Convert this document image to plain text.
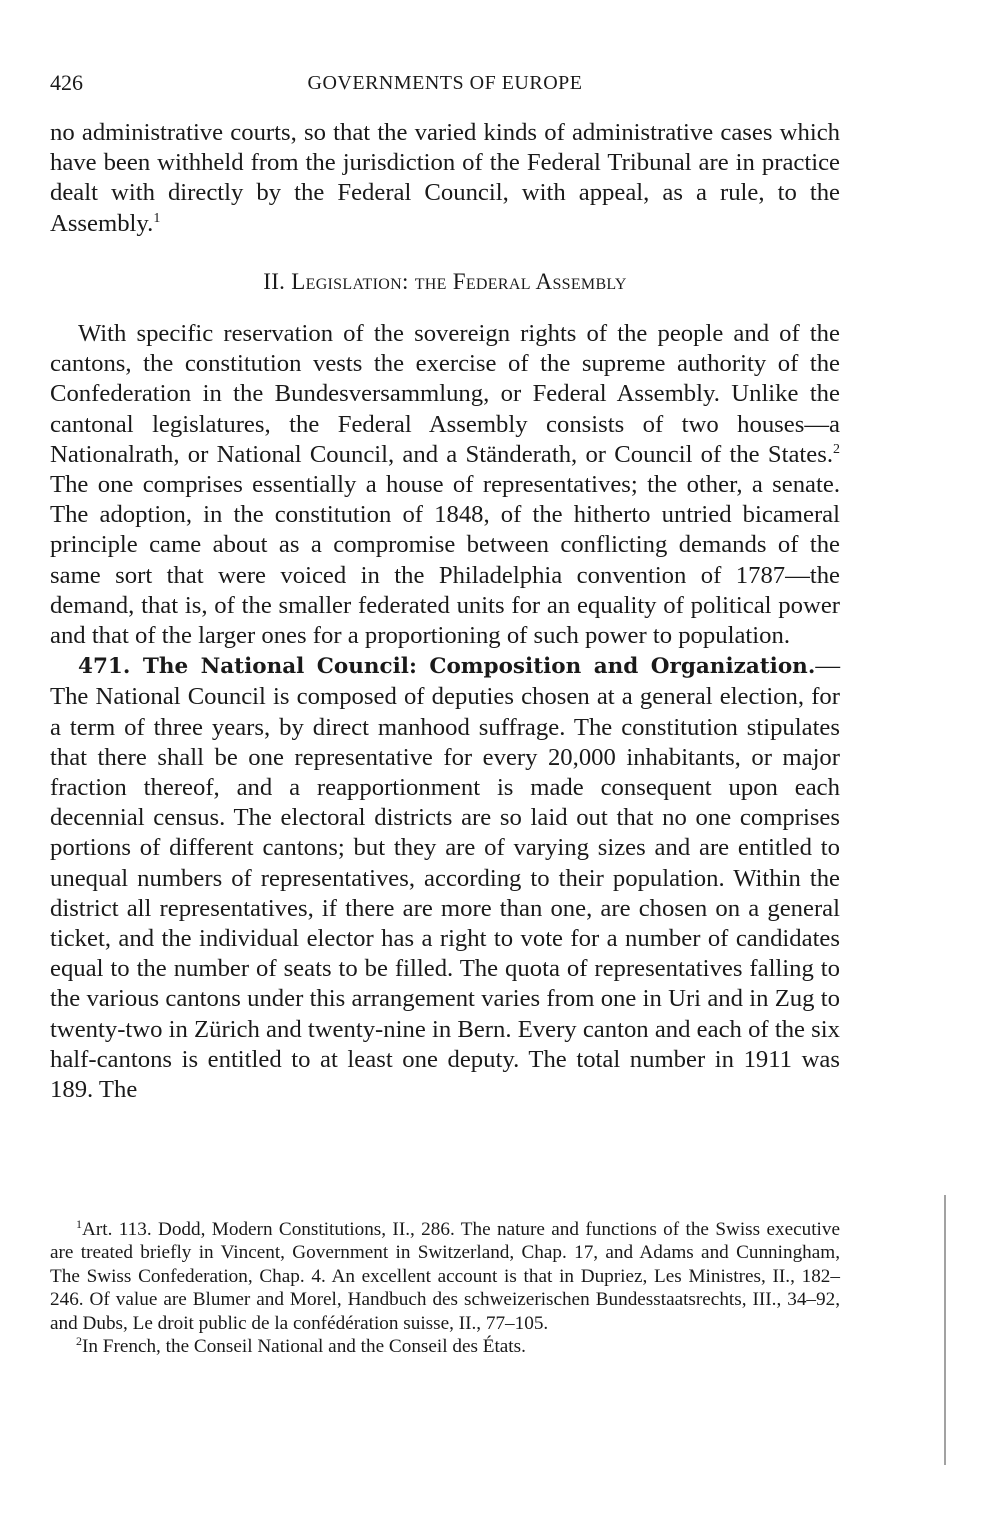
426	GOVERNMENTS OF EUROPE

no administrative courts, so that the varied kinds of administrative cases which have been withheld from the jurisdiction of the Federal Tribunal are in practice dealt with directly by the Federal Council, with appeal, as a rule, to the Assembly.$^1$

II. Legislation: the Federal Assembly

With specific reservation of the sovereign rights of the people and of the cantons, the constitution vests the exercise of the supreme authority of the Confederation in the Bundesversammlung, or Federal Assembly. Unlike the cantonal legislatures, the Federal Assembly consists of two houses—a Nationalrath, or National Council, and a Ständerath, or Council of the States.$^2$ The one comprises essentially a house of representatives; the other, a senate. The adoption, in the constitution of 1848, of the hitherto untried bicameral principle came about as a compromise between conflicting demands of the same sort that were voiced in the Philadelphia convention of 1787—the demand, that is, of the smaller federated units for an equality of political power and that of the larger ones for a proportioning of such power to population.

471. The National Council: Composition and Organization.—The National Council is composed of deputies chosen at a general election, for a term of three years, by direct manhood suffrage. The constitution stipulates that there shall be one representative for every 20,000 inhabitants, or major fraction thereof, and a reapportionment is made consequent upon each decennial census. The electoral districts are so laid out that no one comprises portions of different cantons; but they are of varying sizes and are entitled to unequal numbers of representatives, according to their population. Within the district all representatives, if there are more than one, are chosen on a general ticket, and the individual elector has a right to vote for a number of candidates equal to the number of seats to be filled. The quota of representatives falling to the various cantons under this arrangement varies from one in Uri and in Zug to twenty-two in Zürich and twenty-nine in Bern. Every canton and each of the six half-cantons is entitled to at least one deputy. The total number in 1911 was 189. The

$^1$Art. 113. Dodd, Modern Constitutions, II., 286. The nature and functions of the Swiss executive are treated briefly in Vincent, Government in Switzerland, Chap. 17, and Adams and Cunningham, The Swiss Confederation, Chap. 4. An excellent account is that in Dupriez, Les Ministres, II., 182–246. Of value are Blumer and Morel, Handbuch des schweizerischen Bundesstaatsrechts, III., 34–92, and Dubs, Le droit public de la confédération suisse, II., 77–105.

$^2$In French, the Conseil National and the Conseil des États.
